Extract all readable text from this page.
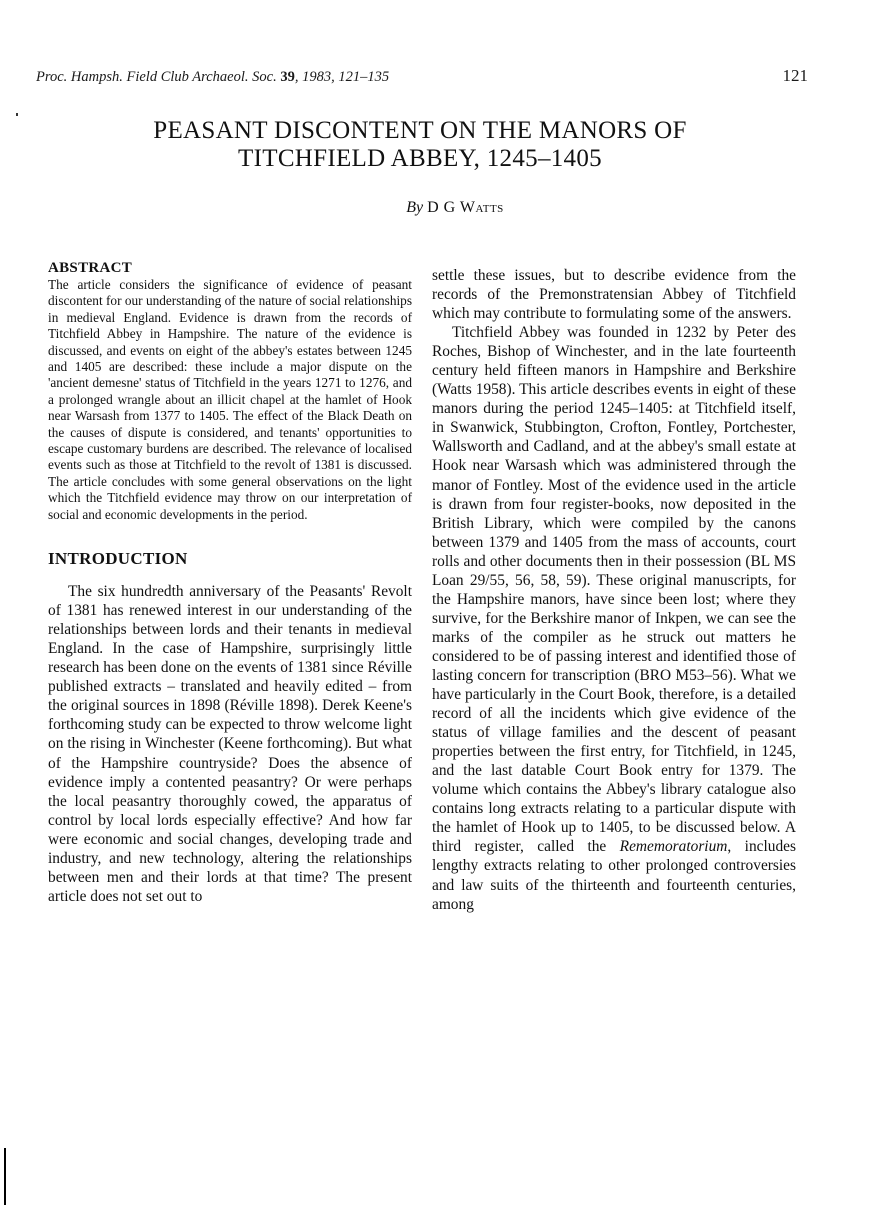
Proc. Hampsh. Field Club Archaeol. Soc. 39, 1983, 121–135	121
PEASANT DISCONTENT ON THE MANORS OF
TITCHFIELD ABBEY, 1245–1405
By D G Watts
ABSTRACT

The article considers the significance of evidence of peasant discontent for our understanding of the nature of social relationships in medieval England. Evidence is drawn from the records of Titchfield Abbey in Hampshire. The nature of the evidence is discussed, and events on eight of the abbey's estates between 1245 and 1405 are described: these include a major dispute on the 'ancient demesne' status of Titchfield in the years 1271 to 1276, and a prolonged wrangle about an illicit chapel at the hamlet of Hook near Warsash from 1377 to 1405. The effect of the Black Death on the causes of dispute is considered, and tenants' opportunities to escape customary burdens are described. The relevance of localised events such as those at Titchfield to the revolt of 1381 is discussed. The article concludes with some general observations on the light which the Titchfield evidence may throw on our interpretation of social and economic developments in the period.

INTRODUCTION

The six hundredth anniversary of the Peasants' Revolt of 1381 has renewed interest in our understanding of the relationships between lords and their tenants in medieval England. In the case of Hampshire, surprisingly little research has been done on the events of 1381 since Réville published extracts – translated and heavily edited – from the original sources in 1898 (Réville 1898). Derek Keene's forthcoming study can be expected to throw welcome light on the rising in Winchester (Keene forthcoming). But what of the Hampshire countryside? Does the absence of evidence imply a contented peasantry? Or were perhaps the local peasantry thoroughly cowed, the apparatus of control by local lords especially effective? And how far were economic and social changes, developing trade and industry, and new technology, altering the relationships between men and their lords at that time? The present article does not set out to

settle these issues, but to describe evidence from the records of the Premonstratensian Abbey of Titchfield which may contribute to formulating some of the answers.

Titchfield Abbey was founded in 1232 by Peter des Roches, Bishop of Winchester, and in the late fourteenth century held fifteen manors in Hampshire and Berkshire (Watts 1958). This article describes events in eight of these manors during the period 1245–1405: at Titchfield itself, in Swanwick, Stubbington, Crofton, Fontley, Portchester, Wallsworth and Cadland, and at the abbey's small estate at Hook near Warsash which was administered through the manor of Fontley. Most of the evidence used in the article is drawn from four register-books, now deposited in the British Library, which were compiled by the canons between 1379 and 1405 from the mass of accounts, court rolls and other documents then in their possession (BL MS Loan 29/55, 56, 58, 59). These original manuscripts, for the Hampshire manors, have since been lost; where they survive, for the Berkshire manor of Inkpen, we can see the marks of the compiler as he struck out matters he considered to be of passing interest and identified those of lasting concern for transcription (BRO M53–56). What we have particularly in the Court Book, therefore, is a detailed record of all the incidents which give evidence of the status of village families and the descent of peasant properties between the first entry, for Titchfield, in 1245, and the last datable Court Book entry for 1379. The volume which contains the Abbey's library catalogue also contains long extracts relating to a particular dispute with the hamlet of Hook up to 1405, to be discussed below. A third register, called the Rememoratorium, includes lengthy extracts relating to other prolonged controversies and law suits of the thirteenth and fourteenth centuries, among
